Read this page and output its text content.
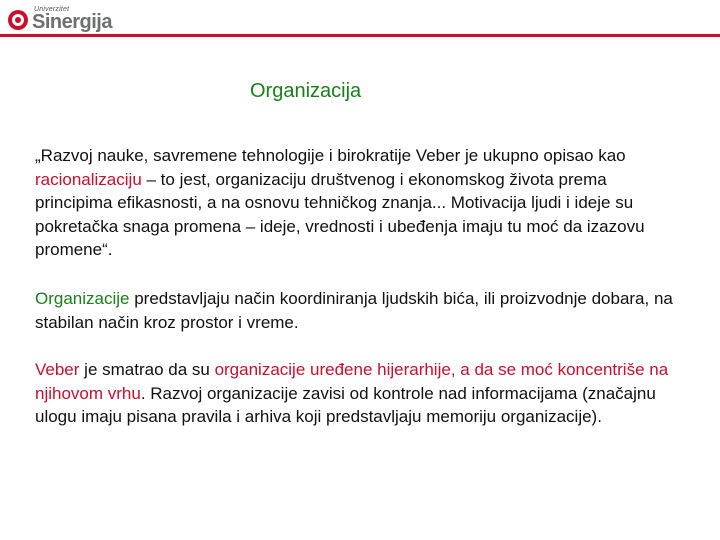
Univerzitet
Sinergija
Organizacija

„Razvoj nauke, savremene tehnologije i birokratije Veber je ukupno opisao kao racionalizaciju – to jest, organizaciju društvenog i ekonomskog života prema principima efikasnosti, a na osnovu tehničkog znanja... Motivacija ljudi i ideje su pokretačka snaga promena – ideje, vrednosti i ubeđenja imaju tu moć da izazovu promene“.

Organizacije predstavljaju način koordiniranja ljudskih bića, ili proizvodnje dobara, na stabilan način kroz prostor i vreme.

Veber je smatrao da su organizacije uređene hijerarhije, a da se moć koncentriše na njihovom vrhu. Razvoj organizacije zavisi od kontrole nad informacijama (značajnu ulogu imaju pisana pravila i arhiva koji predstavljaju memoriju organizacije).
